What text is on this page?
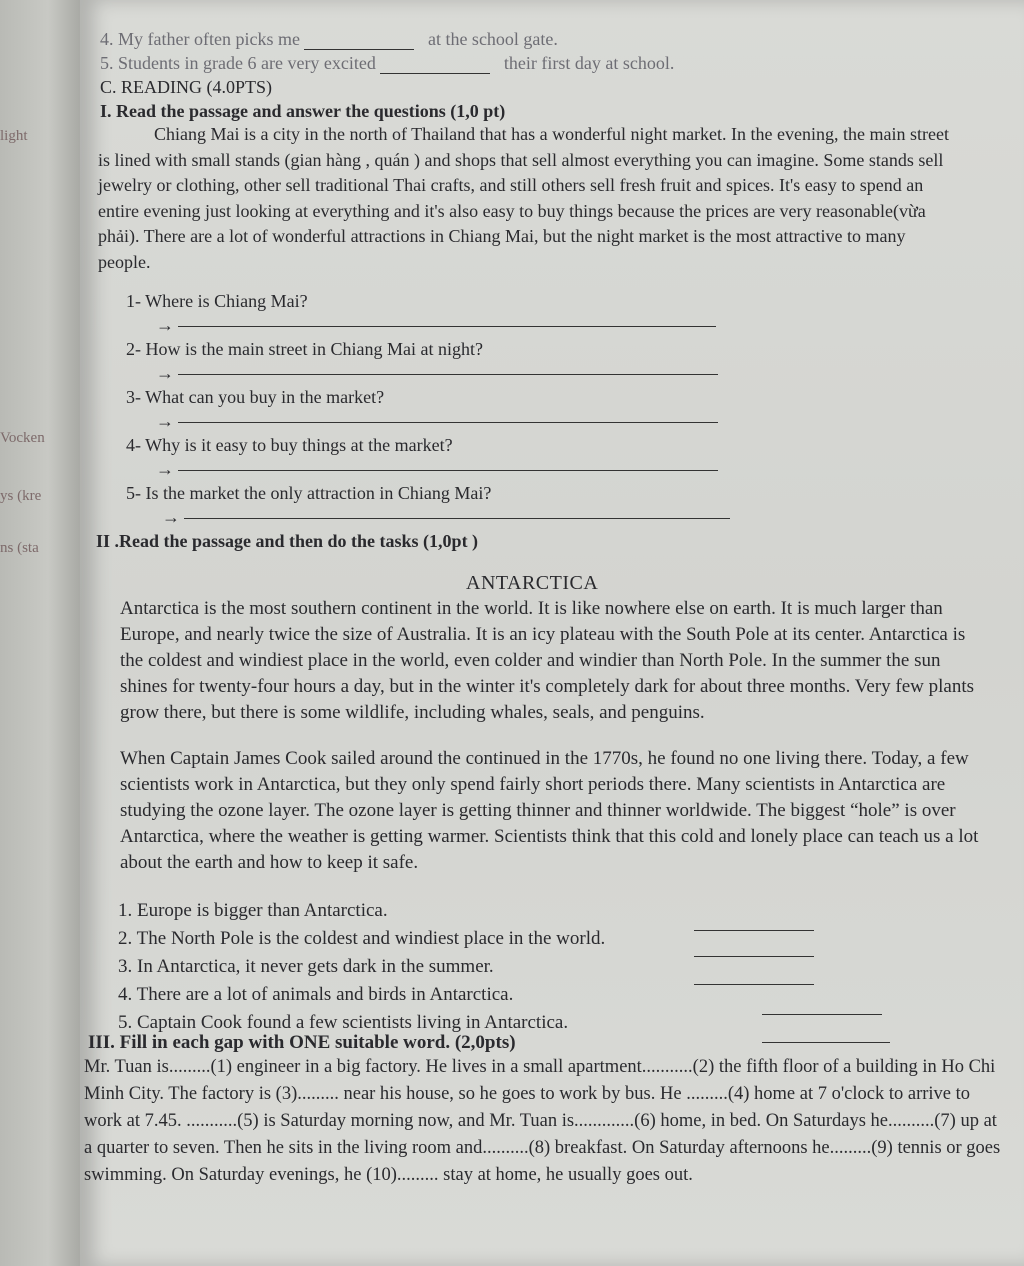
light
Vocken
ys (kre
ns (sta
4. My father often picks me	at the school gate.
5. Students in grade 6 are very excited	their first day at school.
C. READING (4.0PTS)
I. Read the passage and answer the questions (1,0 pt)
Chiang Mai is a city in the north of Thailand that has a wonderful night market. In the evening, the main street is lined with small stands (gian hàng , quán ) and shops that sell almost everything you can imagine. Some stands sell jewelry or clothing, other sell traditional Thai crafts, and still others sell fresh fruit and spices. It's easy to spend an entire evening just looking at everything and it's also easy to buy things because the prices are very reasonable(vừa phải). There are a lot of wonderful attractions in Chiang Mai, but the night market is the most attractive to many people.
1- Where is Chiang Mai?
→
2- How is the main street in Chiang Mai at night?
→
3- What can you buy in the market?
→
4- Why is it easy to buy things at the market?
→
5- Is the market the only attraction in Chiang Mai?
→
II .Read the passage and then do the tasks (1,0pt )
ANTARCTICA
Antarctica is the most southern continent in the world. It is like nowhere else on earth. It is much larger than Europe, and nearly twice the size of Australia. It is an icy plateau with the South Pole at its center. Antarctica is the coldest and windiest place in the world, even colder and windier than North Pole. In the summer the sun shines for twenty-four hours a day, but in the winter it's completely dark for about three months. Very few plants grow there, but there is some wildlife, including whales, seals, and penguins.
When Captain James Cook sailed around the continued in the 1770s, he found no one living there. Today, a few scientists work in Antarctica, but they only spend fairly short periods there. Many scientists in Antarctica are studying the ozone layer. The ozone layer is getting thinner and thinner worldwide. The biggest “hole” is over Antarctica, where the weather is getting warmer. Scientists think that this cold and lonely place can teach us a lot about the earth and how to keep it safe.
1. Europe is bigger than Antarctica.
2. The North Pole is the coldest and windiest place in the world.
3. In Antarctica, it never gets dark in the summer.
4. There are a lot of animals and birds in Antarctica.
5. Captain Cook found a few scientists living in Antarctica.
III. Fill in each gap with ONE suitable word. (2,0pts)
Mr. Tuan is.........(1) engineer in a big factory. He lives in a small apartment...........(2) the fifth floor of a building in Ho Chi Minh City. The factory is (3)......... near his house, so he goes to work by bus. He .........(4) home at 7 o'clock to arrive to work at 7.45. ...........(5) is Saturday morning now, and Mr. Tuan is.............(6) home, in bed. On Saturdays he..........(7) up at a quarter to seven. Then he sits in the living room and..........(8) breakfast. On Saturday afternoons he.........(9) tennis or goes swimming. On Saturday evenings, he (10)......... stay at home, he usually goes out.
